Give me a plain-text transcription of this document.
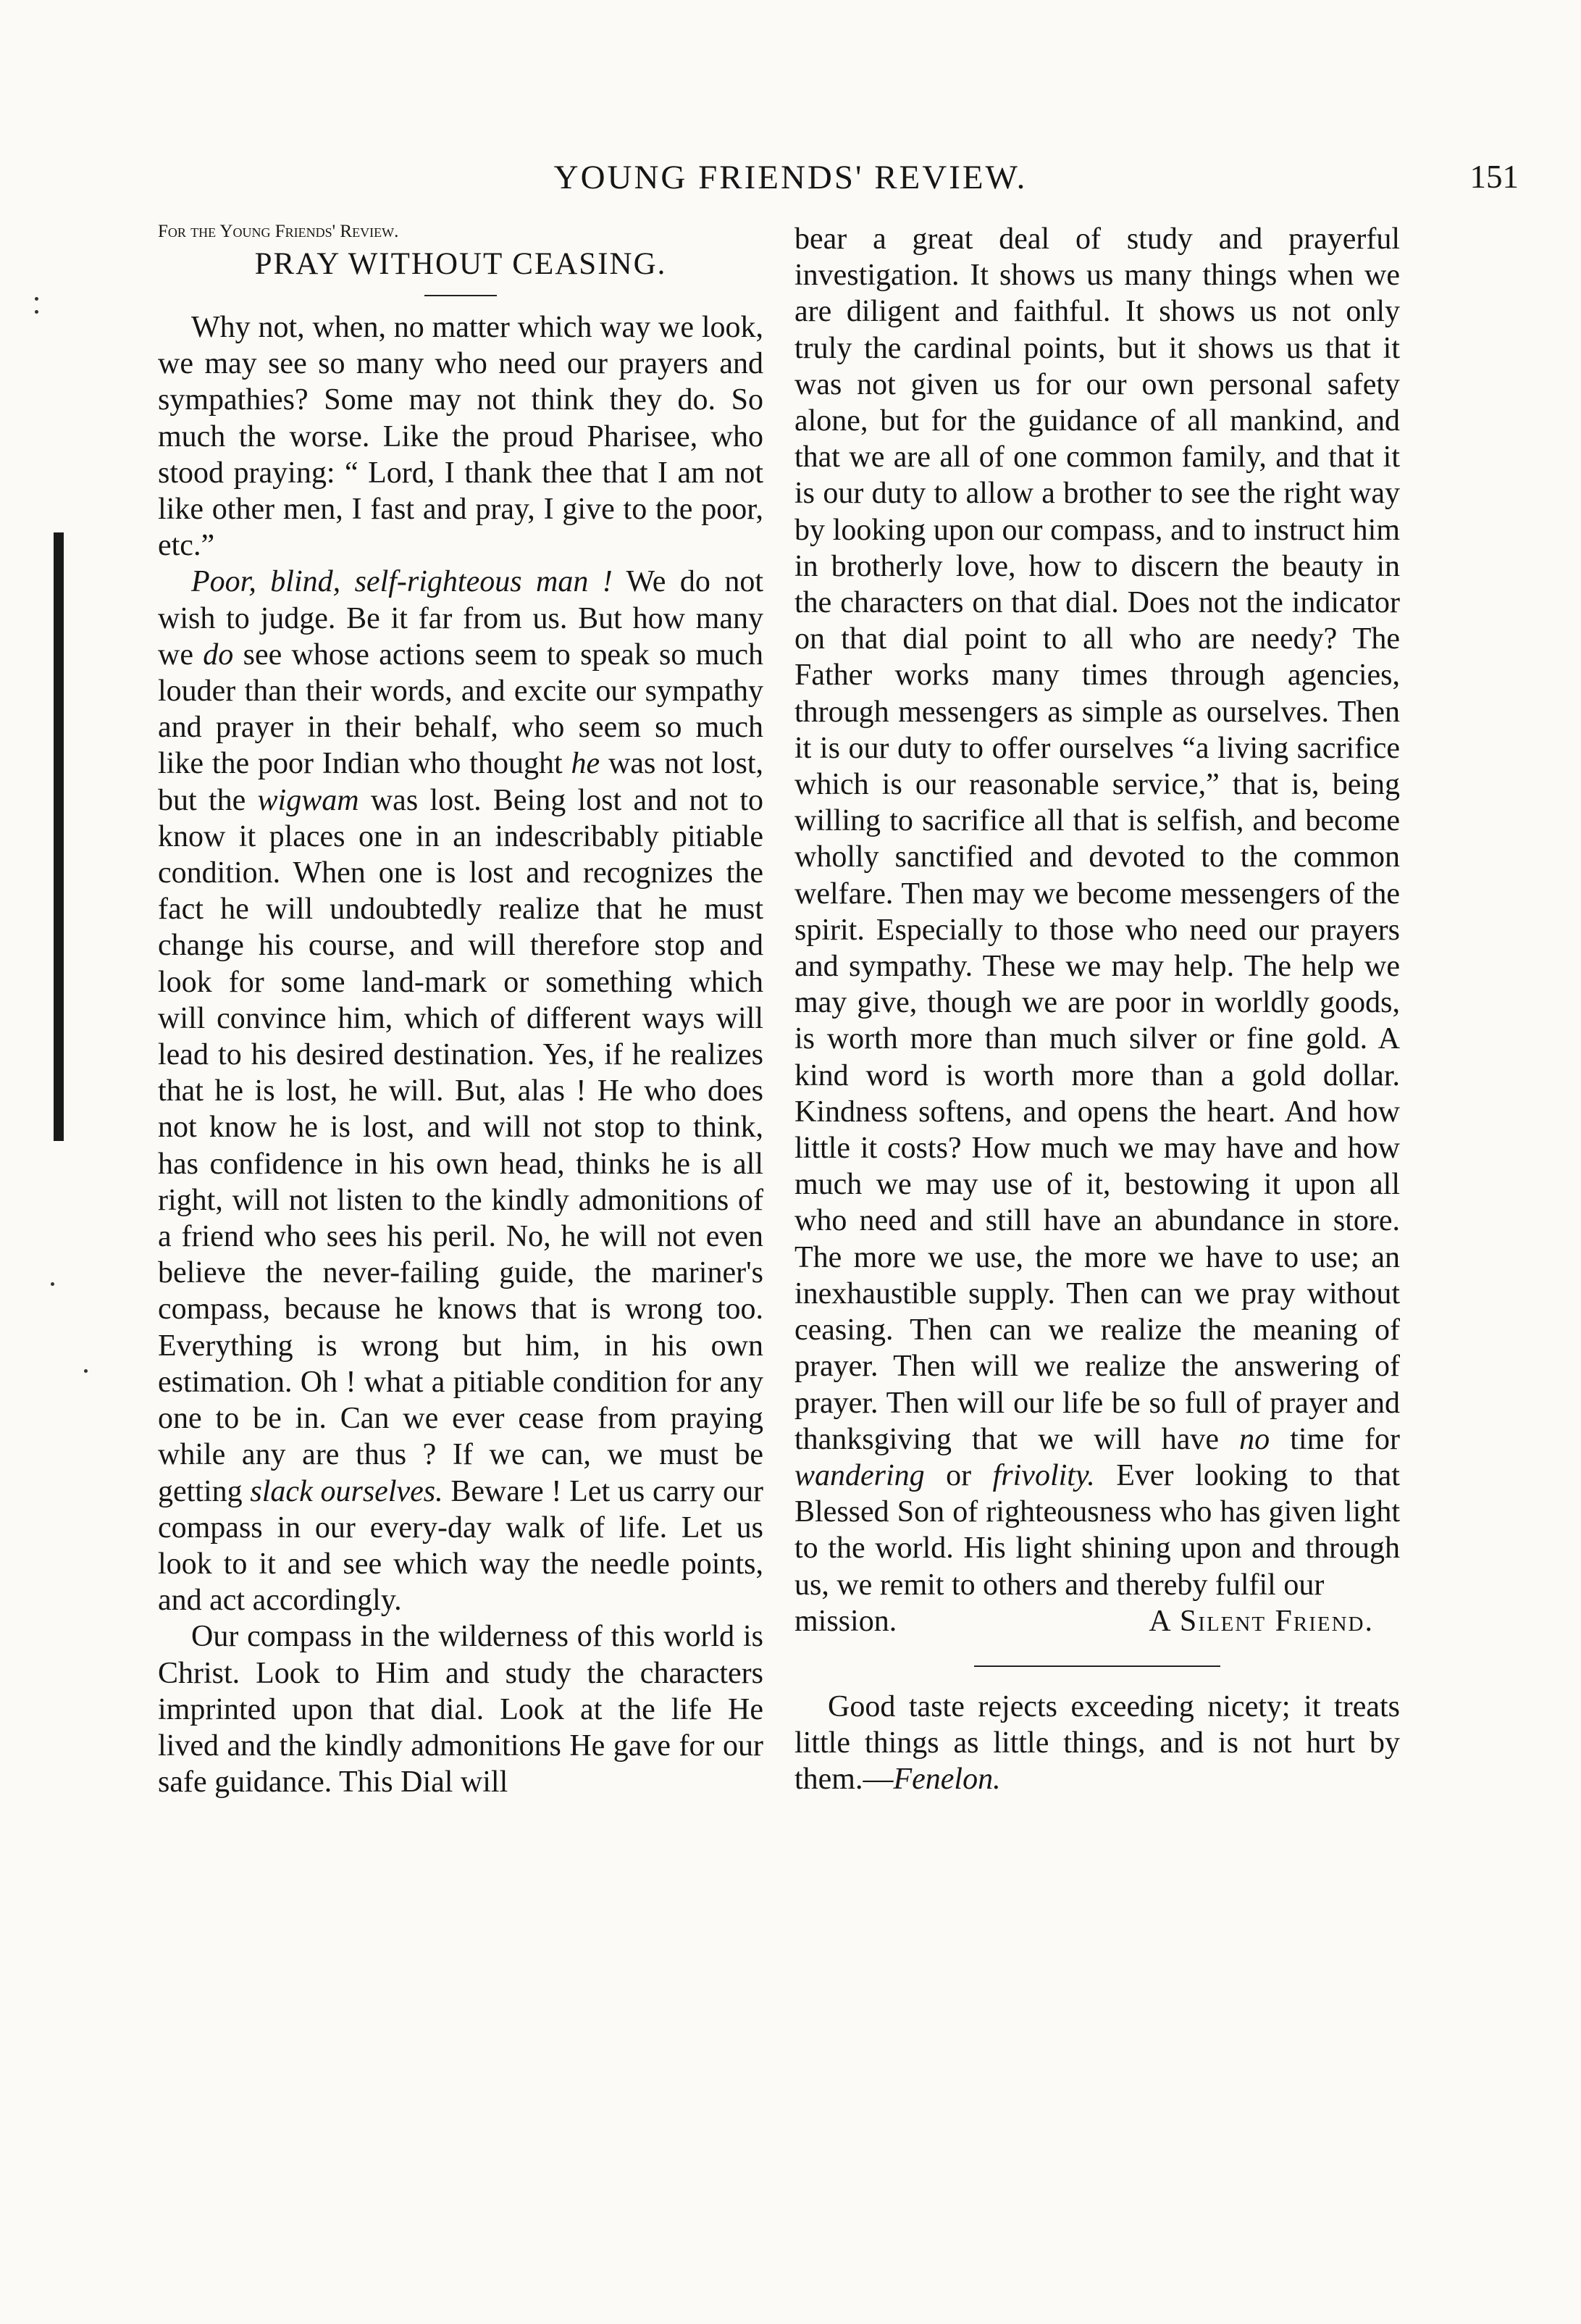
YOUNG FRIENDS' REVIEW.	151
For the Young Friends' Review.
PRAY WITHOUT CEASING.

Why not, when, no matter which way we look, we may see so many who need our prayers and sympathies? Some may not think they do. So much the worse. Like the proud Pharisee, who stood praying: “ Lord, I thank thee that I am not like other men, I fast and pray, I give to the poor, etc.”

Poor, blind, self-righteous man ! We do not wish to judge. Be it far from us. But how many we do see whose actions seem to speak so much louder than their words, and excite our sympathy and prayer in their behalf, who seem so much like the poor Indian who thought he was not lost, but the wigwam was lost. Being lost and not to know it places one in an indescribably pitiable condition. When one is lost and recognizes the fact he will undoubtedly realize that he must change his course, and will therefore stop and look for some land-mark or something which will convince him, which of different ways will lead to his desired destination. Yes, if he realizes that he is lost, he will. But, alas ! He who does not know he is lost, and will not stop to think, has confidence in his own head, thinks he is all right, will not listen to the kindly admonitions of a friend who sees his peril. No, he will not even believe the never-failing guide, the mariner's compass, because he knows that is wrong too. Everything is wrong but him, in his own estimation. Oh ! what a pitiable condition for any one to be in. Can we ever cease from praying while any are thus ? If we can, we must be getting slack ourselves. Beware ! Let us carry our compass in our every-day walk of life. Let us look to it and see which way the needle points, and act accordingly.

Our compass in the wilderness of this world is Christ. Look to Him and study the characters imprinted upon that dial. Look at the life He lived and the kindly admonitions He gave for our safe guidance. This Dial will

bear a great deal of study and prayerful investigation. It shows us many things when we are diligent and faithful. It shows us not only truly the cardinal points, but it shows us that it was not given us for our own personal safety alone, but for the guidance of all mankind, and that we are all of one common family, and that it is our duty to allow a brother to see the right way by looking upon our compass, and to instruct him in brotherly love, how to discern the beauty in the characters on that dial. Does not the indicator on that dial point to all who are needy? The Father works many times through agencies, through messengers as simple as ourselves. Then it is our duty to offer ourselves “a living sacrifice which is our reasonable service,” that is, being willing to sacrifice all that is selfish, and become wholly sanctified and devoted to the common welfare. Then may we become messengers of the spirit. Especially to those who need our prayers and sympathy. These we may help. The help we may give, though we are poor in worldly goods, is worth more than much silver or fine gold. A kind word is worth more than a gold dollar. Kindness softens, and opens the heart. And how little it costs? How much we may have and how much we may use of it, bestowing it upon all who need and still have an abundance in store. The more we use, the more we have to use; an inexhaustible supply. Then can we pray without ceasing. Then can we realize the meaning of prayer. Then will we realize the answering of prayer. Then will our life be so full of prayer and thanksgiving that we will have no time for wandering or frivolity. Ever looking to that Blessed Son of righteousness who has given light to the world. His light shining upon and through us, we remit to others and thereby fulfil our

mission.	A Silent Friend.

Good taste rejects exceeding nicety; it treats little things as little things, and is not hurt by them.—Fenelon.
